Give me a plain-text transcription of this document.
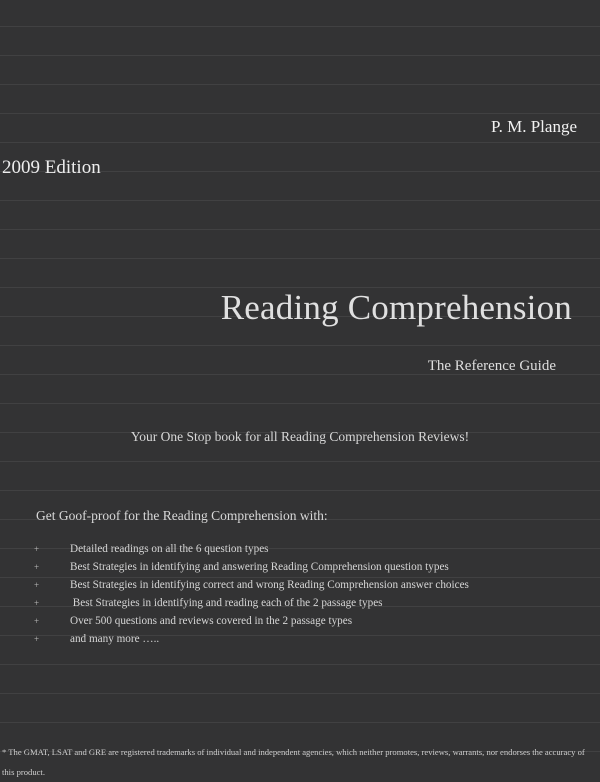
P. M. Plange
2009 Edition
Reading Comprehension
The Reference Guide
Your One Stop book for all Reading Comprehension Reviews!
Get Goof-proof for the Reading Comprehension with:
+	Detailed readings on all the 6 question types
+	Best Strategies in identifying and answering Reading Comprehension question types
+	Best Strategies in identifying correct and wrong Reading Comprehension answer choices
+	Best Strategies in identifying and reading each of the 2 passage types
+	Over 500 questions and reviews covered in the 2 passage types
+	and many more …..
* The GMAT, LSAT and GRE are registered trademarks of individual and independent agencies, which neither promotes, reviews, warrants, nor endorses the accuracy of this product.
